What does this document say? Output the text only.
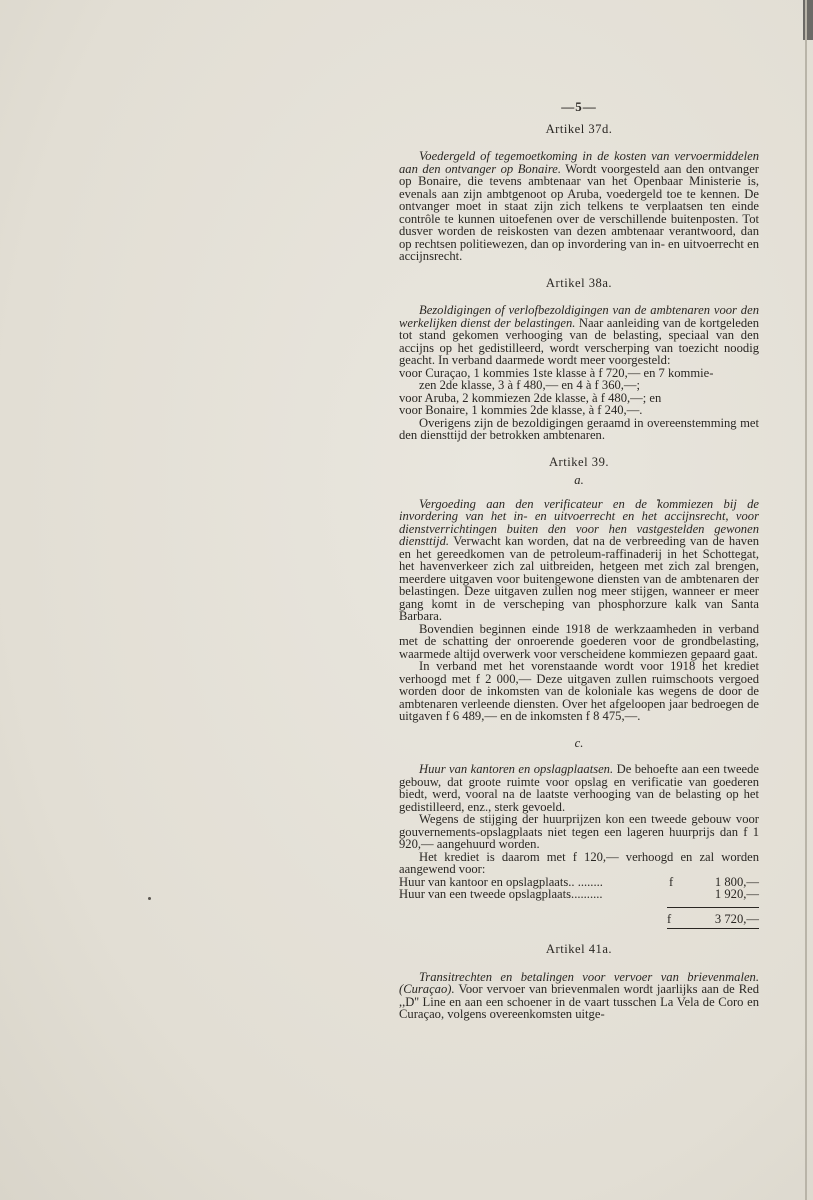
—5—
Artikel 37d.

Voedergeld of tegemoetkoming in de kosten van vervoermiddelen aan den ontvanger op Bonaire. Wordt voorgesteld aan den ontvanger op Bonaire, die tevens ambtenaar van het Openbaar Ministerie is, evenals aan zijn ambtgenoot op Aruba, voedergeld toe te kennen. De ontvanger moet in staat zijn zich telkens te verplaatsen ten einde contrôle te kunnen uitoefenen over de verschillende buitenposten. Tot dusver worden de reiskosten van dezen ambtenaar verantwoord, dan op rechtsen politiewezen, dan op invordering van in- en uitvoerrecht en accijnsrecht.

Artikel 38a.

Bezoldigingen of verlofbezoldigingen van de ambtenaren voor den werkelijken dienst der belastingen. Naar aanleiding van de kortgeleden tot stand gekomen verhooging van de belasting, speciaal van den accijns op het gedistilleerd, wordt verscherping van toezicht noodig geacht. In verband daarmede wordt meer voorgesteld:

voor Curaçao, 1 kommies 1ste klasse à f 720,— en 7 kommie-
zen 2de klasse, 3 à f 480,— en 4 à f 360,—;
voor Aruba, 2 kommiezen 2de klasse, à f 480,—; en
voor Bonaire, 1 kommies 2de klasse, à f 240,—.

Overigens zijn de bezoldigingen geraamd in overeenstemming met den diensttijd der betrokken ambtenaren.

Artikel 39.
a.

Vergoeding aan den verificateur en de kommiezen bij de invordering van het in- en uitvoerrecht en het accijnsrecht, voor dienstverrichtingen buiten den voor hen vastgestelden gewonen diensttijd. Verwacht kan worden, dat na de verbreeding van de haven en het gereedkomen van de petroleum-raffinaderij in het Schottegat, het havenverkeer zich zal uitbreiden, hetgeen met zich zal brengen, meerdere uitgaven voor buitengewone diensten van de ambtenaren der belastingen. Deze uitgaven zullen nog meer stijgen, wanneer er meer gang komt in de verscheping van phosphorzure kalk van Santa Barbara.

Bovendien beginnen einde 1918 de werkzaamheden in verband met de schatting der onroerende goederen voor de grondbelasting, waarmede altijd overwerk voor verscheidene kommiezen gepaard gaat.

In verband met het vorenstaande wordt voor 1918 het krediet verhoogd met f 2 000,— Deze uitgaven zullen ruimschoots vergoed worden door de inkomsten van de koloniale kas wegens de door de ambtenaren verleende diensten. Over het afgeloopen jaar bedroegen de uitgaven f 6 489,— en de inkomsten f 8 475,—.

c.

Huur van kantoren en opslagplaatsen. De behoefte aan een tweede gebouw, dat groote ruimte voor opslag en verificatie van goederen biedt, werd, vooral na de laatste verhooging van de belasting op het gedistilleerd, enz., sterk gevoeld.

Wegens de stijging der huurprijzen kon een tweede gebouw voor gouvernements-opslagplaats niet tegen een lageren huurprijs dan f 1 920,— aangehuurd worden.

Het krediet is daarom met f 120,— verhoogd en zal worden aangewend voor:

Huur van kantoor en opslagplaats.. ........	f	1 800,—
Huur van een tweede opslagplaats..........	1 920,—
f	3 720,—
Artikel 41a.

Transitrechten en betalingen voor vervoer van brievenmalen. (Curaçao). Voor vervoer van brievenmalen wordt jaarlijks aan de Red ,,D'' Line en aan een schoener in de vaart tusschen La Vela de Coro en Curaçao, volgens overeenkomsten uitge-
